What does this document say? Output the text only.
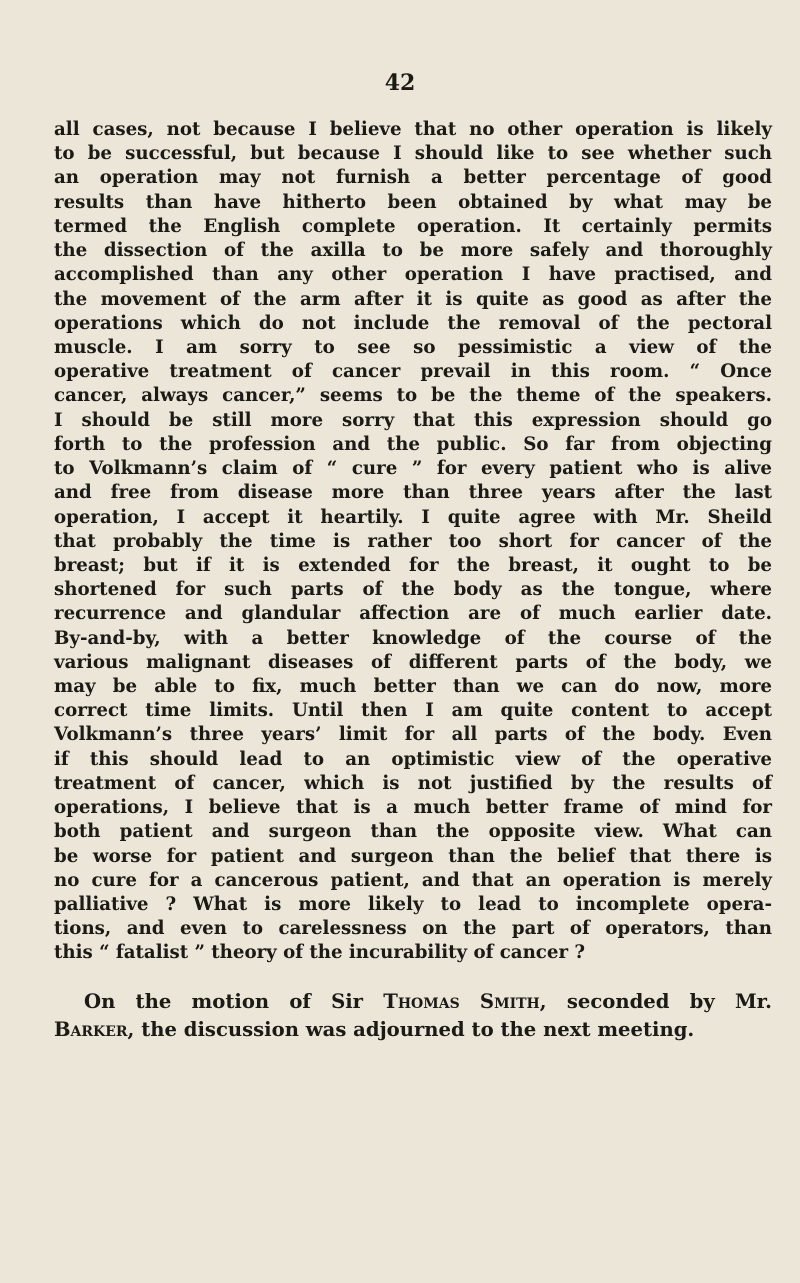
42
all cases, not because I believe that no other operation is likely
to be successful, but because I should like to see whether such
an operation may not furnish a better percentage of good
results than have hitherto been obtained by what may be
termed the English complete operation. It certainly permits
the dissection of the axilla to be more safely and thoroughly
accomplished than any other operation I have practised, and
the movement of the arm after it is quite as good as after the
operations which do not include the removal of the pectoral
muscle. I am sorry to see so pessimistic a view of the
operative treatment of cancer prevail in this room. “ Once
cancer, always cancer,” seems to be the theme of the speakers.
I should be still more sorry that this expression should go
forth to the profession and the public. So far from objecting
to Volkmann’s claim of “ cure ” for every patient who is alive
and free from disease more than three years after the last
operation, I accept it heartily. I quite agree with Mr. Sheild
that probably the time is rather too short for cancer of the
breast; but if it is extended for the breast, it ought to be
shortened for such parts of the body as the tongue, where
recurrence and glandular affection are of much earlier date.
By-and-by, with a better knowledge of the course of the
various malignant diseases of different parts of the body, we
may be able to fix, much better than we can do now, more
correct time limits. Until then I am quite content to accept
Volkmann’s three years’ limit for all parts of the body. Even
if this should lead to an optimistic view of the operative
treatment of cancer, which is not justified by the results of
operations, I believe that is a much better frame of mind for
both patient and surgeon than the opposite view. What can
be worse for patient and surgeon than the belief that there is
no cure for a cancerous patient, and that an operation is merely
palliative ? What is more likely to lead to incomplete opera-
tions, and even to carelessness on the part of operators, than
this “ fatalist ” theory of the incurability of cancer ?
On the motion of Sir Thomas Smith, seconded by Mr.
Barker, the discussion was adjourned to the next meeting.
